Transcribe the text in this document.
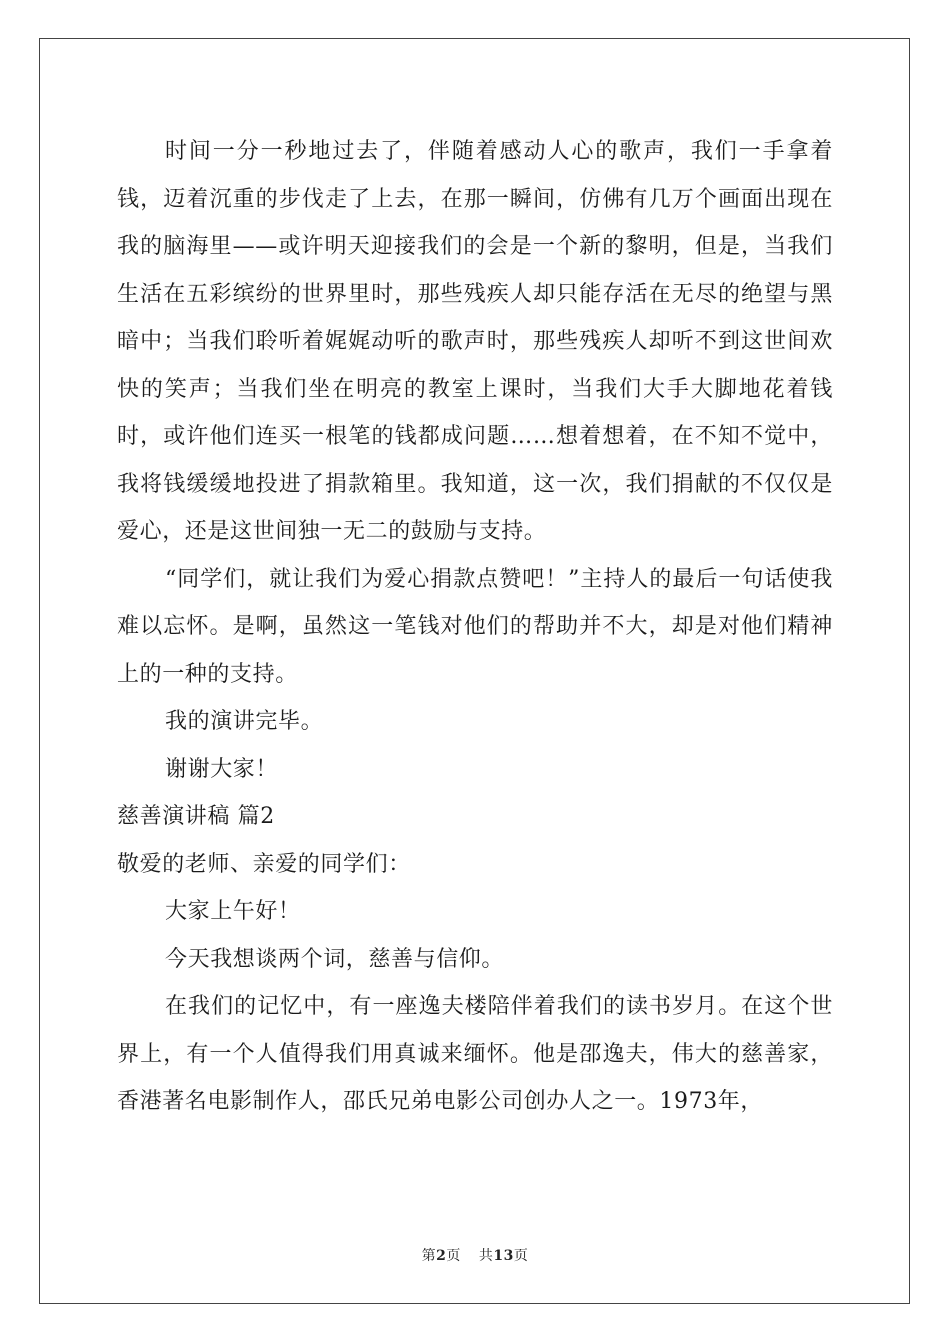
时间一分一秒地过去了，伴随着感动人心的歌声，我们一手拿着钱，迈着沉重的步伐走了上去，在那一瞬间，仿佛有几万个画面出现在我的脑海里——或许明天迎接我们的会是一个新的黎明，但是，当我们生活在五彩缤纷的世界里时，那些残疾人却只能存活在无尽的绝望与黑暗中；当我们聆听着娓娓动听的歌声时，那些残疾人却听不到这世间欢快的笑声；当我们坐在明亮的教室上课时，当我们大手大脚地花着钱时，或许他们连买一根笔的钱都成问题……想着想着，在不知不觉中，我将钱缓缓地投进了捐款箱里。我知道，这一次，我们捐献的不仅仅是爱心，还是这世间独一无二的鼓励与支持。

“同学们，就让我们为爱心捐款点赞吧！”主持人的最后一句话使我难以忘怀。是啊，虽然这一笔钱对他们的帮助并不大，却是对他们精神上的一种的支持。

我的演讲完毕。

谢谢大家！

慈善演讲稿 篇2

敬爱的老师、亲爱的同学们：

大家上午好！

今天我想谈两个词，慈善与信仰。

在我们的记忆中，有一座逸夫楼陪伴着我们的读书岁月。在这个世界上，有一个人值得我们用真诚来缅怀。他是邵逸夫，伟大的慈善家，香港著名电影制作人，邵氏兄弟电影公司创办人之一。1973年，

第2页 共13页
